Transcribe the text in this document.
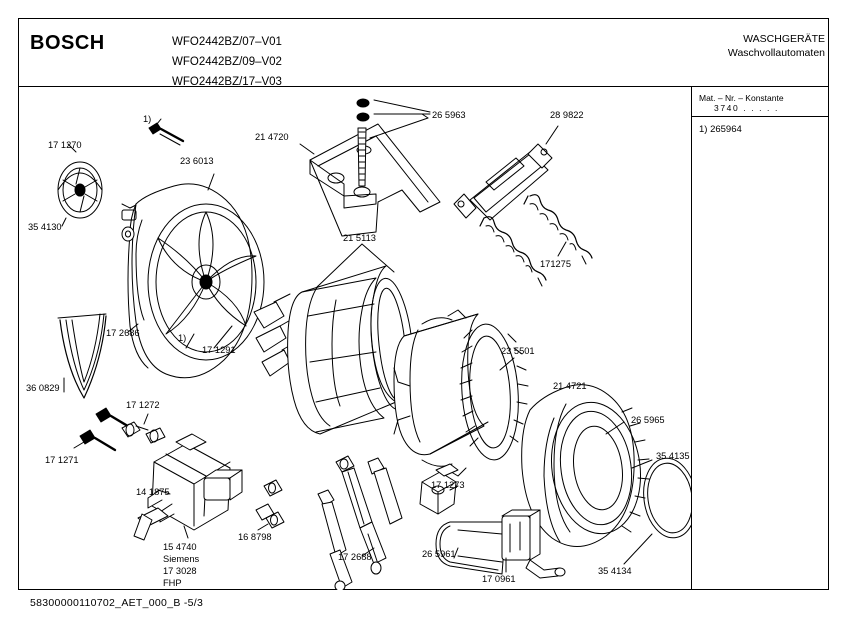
BOSCH	WFO2442BZ/07–V01
WFO2442BZ/09–V02
WFO2442BZ/17–V03
WASCHGERÄTE
Waschvollautomaten
Mat. – Nr. – Konstante
3740 . . . . .
1) 265964
58300000110702_AET_000_B -5/3
17 1270
35 4130
1)
23 6013
21 4720
26 5963	28 9822
171275
21 5113
17 2686	1)
17 1291
36 0829
23 5501
21 4721
26 5965
35 4135
17 1272
17 1271
14 1875
16 8798
15 4740
Siemens
17 3028
FHP
17 2688
17 1273
26 5961
17 0961
35 4134
